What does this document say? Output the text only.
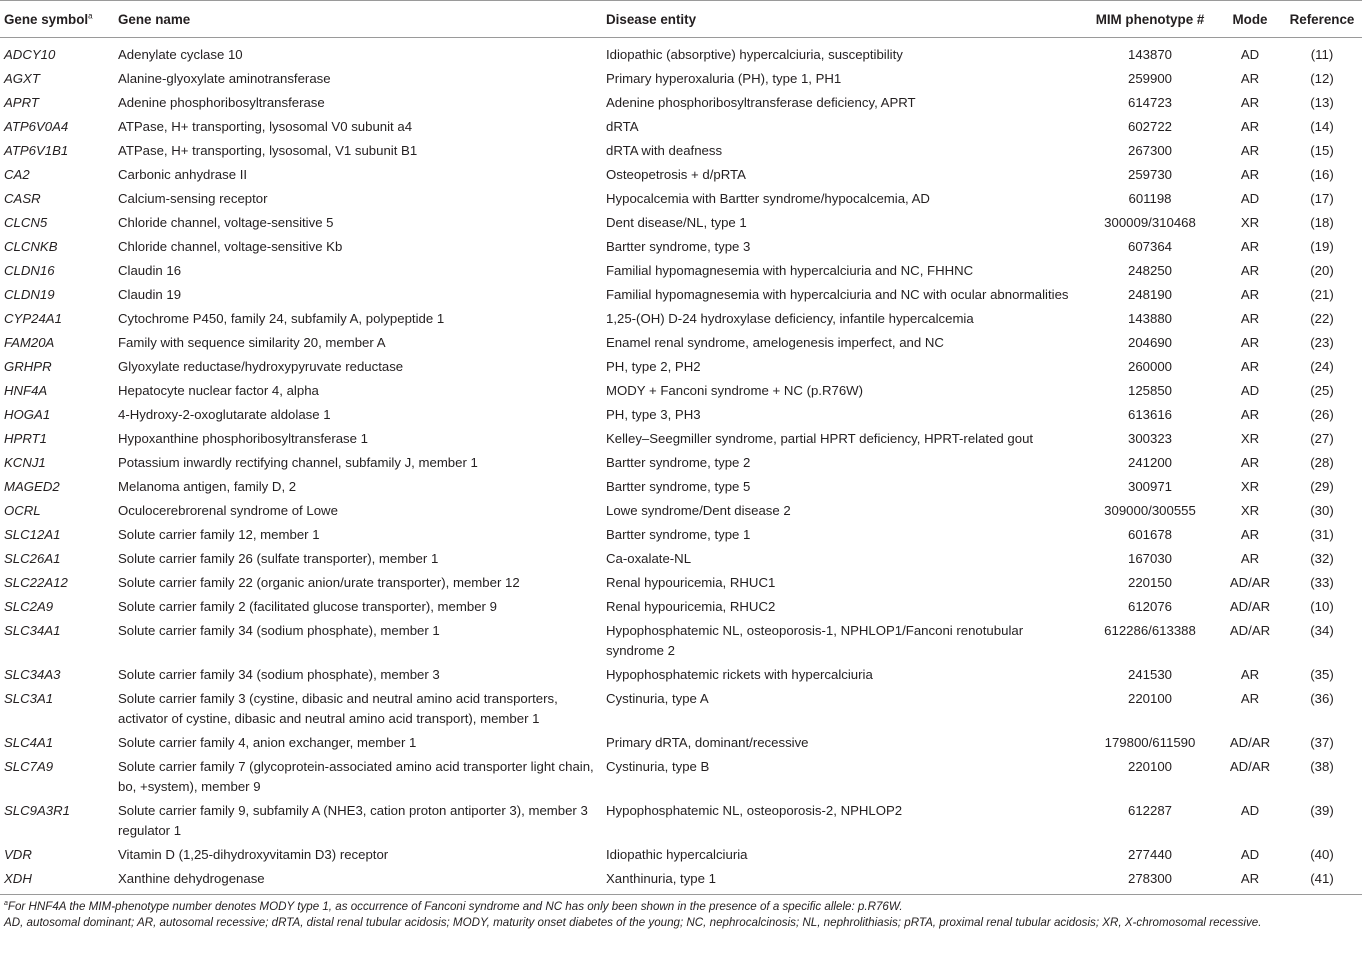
Gene symbol$^a$	Gene name	Disease entity	MIM phenotype #	Mode	Reference
ADCY10	Adenylate cyclase 10	Idiopathic (absorptive) hypercalciuria, susceptibility	143870	AD	(11)
AGXT	Alanine-glyoxylate aminotransferase	Primary hyperoxaluria (PH), type 1, PH1	259900	AR	(12)
APRT	Adenine phosphoribosyltransferase	Adenine phosphoribosyltransferase deficiency, APRT	614723	AR	(13)
ATP6V0A4	ATPase, H+ transporting, lysosomal V0 subunit a4	dRTA	602722	AR	(14)
ATP6V1B1	ATPase, H+ transporting, lysosomal, V1 subunit B1	dRTA with deafness	267300	AR	(15)
CA2	Carbonic anhydrase II	Osteopetrosis + d/pRTA	259730	AR	(16)
CASR	Calcium-sensing receptor	Hypocalcemia with Bartter syndrome/hypocalcemia, AD	601198	AD	(17)
CLCN5	Chloride channel, voltage-sensitive 5	Dent disease/NL, type 1	300009/310468	XR	(18)
CLCNKB	Chloride channel, voltage-sensitive Kb	Bartter syndrome, type 3	607364	AR	(19)
CLDN16	Claudin 16	Familial hypomagnesemia with hypercalciuria and NC, FHHNC	248250	AR	(20)
CLDN19	Claudin 19	Familial hypomagnesemia with hypercalciuria and NC with ocular abnormalities	248190	AR	(21)
CYP24A1	Cytochrome P450, family 24, subfamily A, polypeptide 1	1,25-(OH) D-24 hydroxylase deficiency, infantile hypercalcemia	143880	AR	(22)
FAM20A	Family with sequence similarity 20, member A	Enamel renal syndrome, amelogenesis imperfect, and NC	204690	AR	(23)
GRHPR	Glyoxylate reductase/hydroxypyruvate reductase	PH, type 2, PH2	260000	AR	(24)
HNF4A	Hepatocyte nuclear factor 4, alpha	MODY + Fanconi syndrome + NC (p.R76W)	125850	AD	(25)
HOGA1	4-Hydroxy-2-oxoglutarate aldolase 1	PH, type 3, PH3	613616	AR	(26)
HPRT1	Hypoxanthine phosphoribosyltransferase 1	Kelley–Seegmiller syndrome, partial HPRT deficiency, HPRT-related gout	300323	XR	(27)
KCNJ1	Potassium inwardly rectifying channel, subfamily J, member 1	Bartter syndrome, type 2	241200	AR	(28)
MAGED2	Melanoma antigen, family D, 2	Bartter syndrome, type 5	300971	XR	(29)
OCRL	Oculocerebrorenal syndrome of Lowe	Lowe syndrome/Dent disease 2	309000/300555	XR	(30)
SLC12A1	Solute carrier family 12, member 1	Bartter syndrome, type 1	601678	AR	(31)
SLC26A1	Solute carrier family 26 (sulfate transporter), member 1	Ca-oxalate-NL	167030	AR	(32)
SLC22A12	Solute carrier family 22 (organic anion/urate transporter), member 12	Renal hypouricemia, RHUC1	220150	AD/AR	(33)
SLC2A9	Solute carrier family 2 (facilitated glucose transporter), member 9	Renal hypouricemia, RHUC2	612076	AD/AR	(10)
SLC34A1	Solute carrier family 34 (sodium phosphate), member 1	Hypophosphatemic NL, osteoporosis-1, NPHLOP1/Fanconi renotubular syndrome 2	612286/613388	AD/AR	(34)
SLC34A3	Solute carrier family 34 (sodium phosphate), member 3	Hypophosphatemic rickets with hypercalciuria	241530	AR	(35)
SLC3A1	Solute carrier family 3 (cystine, dibasic and neutral amino acid transporters, activator of cystine, dibasic and neutral amino acid transport), member 1	Cystinuria, type A	220100	AR	(36)
SLC4A1	Solute carrier family 4, anion exchanger, member 1	Primary dRTA, dominant/recessive	179800/611590	AD/AR	(37)
SLC7A9	Solute carrier family 7 (glycoprotein-associated amino acid transporter light chain, bo, +system), member 9	Cystinuria, type B	220100	AD/AR	(38)
SLC9A3R1	Solute carrier family 9, subfamily A (NHE3, cation proton antiporter 3), member 3 regulator 1	Hypophosphatemic NL, osteoporosis-2, NPHLOP2	612287	AD	(39)
VDR	Vitamin D (1,25-dihydroxyvitamin D3) receptor	Idiopathic hypercalciuria	277440	AD	(40)
XDH	Xanthine dehydrogenase	Xanthinuria, type 1	278300	AR	(41)

$^a$For HNF4A the MIM-phenotype number denotes MODY type 1, as occurrence of Fanconi syndrome and NC has only been shown in the presence of a specific allele: p.R76W.

AD, autosomal dominant; AR, autosomal recessive; dRTA, distal renal tubular acidosis; MODY, maturity onset diabetes of the young; NC, nephrocalcinosis; NL, nephrolithiasis; pRTA, proximal renal tubular acidosis; XR, X-chromosomal recessive.
